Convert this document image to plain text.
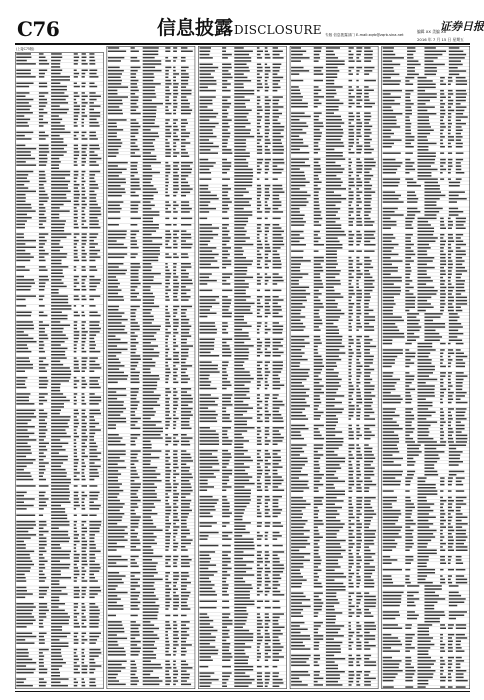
C76	信息披露DISCLOSURE 专版 信息披露部门 E-mail:zqrb@zqrb.sina.net
编辑 XX 美编 XX
证券日报
2016 年 7 月 15 日 星期五
(上接C75版)
